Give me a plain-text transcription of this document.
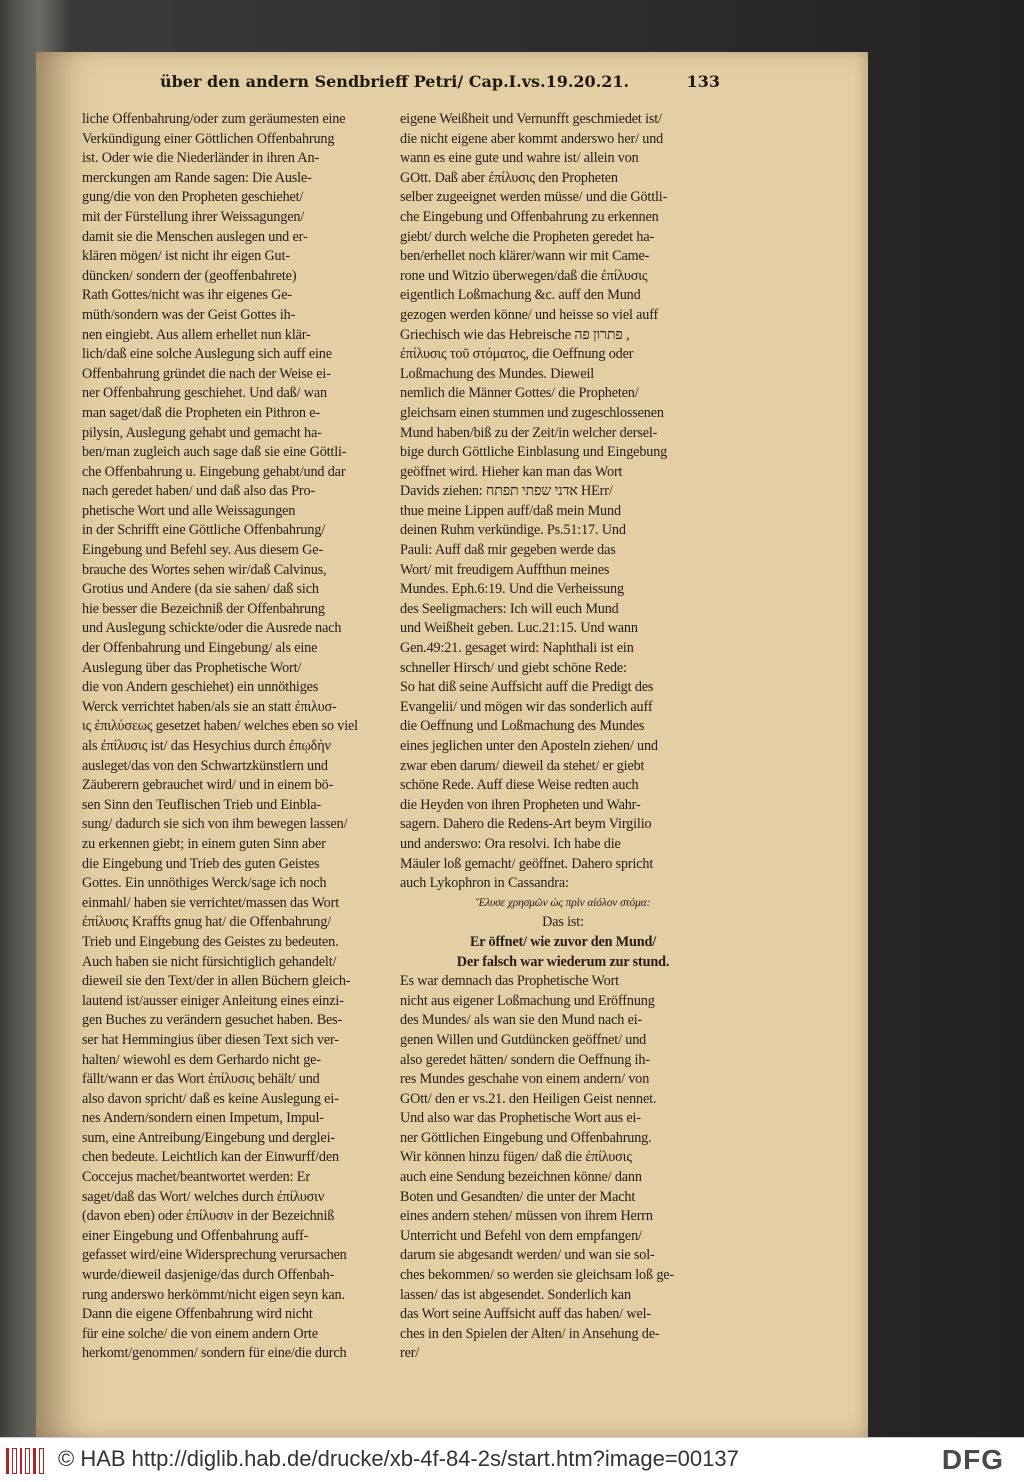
über den andern Sendbrieff Petri/ Cap.I.vs.19.20.21.	133
liche Offenbahrung/oder zum geräumesten eine
Verkündigung einer Göttlichen Offenbahrung
ist. Oder wie die Niederländer in ihren An-
merckungen am Rande sagen: Die Ausle-
gung/die von den Propheten geschiehet/
mit der Fürstellung ihrer Weissagungen/
damit sie die Menschen auslegen und er-
klären mögen/ ist nicht ihr eigen Gut-
düncken/ sondern der (geoffenbahrete)
Rath Gottes/nicht was ihr eigenes Ge-
müth/sondern was der Geist Gottes ih-
nen eingiebt. Aus allem erhellet nun klär-
lich/daß eine solche Auslegung sich auff eine
Offenbahrung gründet die nach der Weise ei-
ner Offenbahrung geschiehet. Und daß/ wan
man saget/daß die Propheten ein Pithron e-
pilysin, Auslegung gehabt und gemacht ha-
ben/man zugleich auch sage daß sie eine Göttli-
che Offenbahrung u. Eingebung gehabt/und dar
nach geredet haben/ und daß also das Pro-
phetische Wort und alle Weissagungen
in der Schrifft eine Göttliche Offenbahrung/
Eingebung und Befehl sey. Aus diesem Ge-
brauche des Wortes sehen wir/daß Calvinus,
Grotius und Andere (da sie sahen/ daß sich
hie besser die Bezeichniß der Offenbahrung
und Auslegung schickte/oder die Ausrede nach
der Offenbahrung und Eingebung/ als eine
Auslegung über das Prophetische Wort/
die von Andern geschiehet) ein unnöthiges
Werck verrichtet haben/als sie an statt ἐπιλυσ-
ις ἐπιλύσεως gesetzet haben/ welches eben so viel
als ἐπίλυσις ist/ das Hesychius durch ἐπῳδὴν
ausleget/das von den Schwartzkünstlern und
Zäuberern gebrauchet wird/ und in einem bö-
sen Sinn den Teuflischen Trieb und Einbla-
sung/ dadurch sie sich von ihm bewegen lassen/
zu erkennen giebt; in einem guten Sinn aber
die Eingebung und Trieb des guten Geistes
Gottes. Ein unnöthiges Werck/sage ich noch
einmahl/ haben sie verrichtet/massen das Wort
ἐπίλυσις Kraffts gnug hat/ die Offenbahrung/
Trieb und Eingebung des Geistes zu bedeuten.
Auch haben sie nicht fürsichtiglich gehandelt/
dieweil sie den Text/der in allen Büchern gleich-
lautend ist/ausser einiger Anleitung eines einzi-
gen Buches zu verändern gesuchet haben. Bes-
ser hat Hemmingius über diesen Text sich ver-
halten/ wiewohl es dem Gerhardo nicht ge-
fällt/wann er das Wort ἐπίλυσις behält/ und
also davon spricht/ daß es keine Auslegung ei-
nes Andern/sondern einen Impetum, Impul-
sum, eine Antreibung/Eingebung und derglei-
chen bedeute. Leichtlich kan der Einwurff/den
Coccejus machet/beantwortet werden: Er
saget/daß das Wort/ welches durch ἐπίλυσιν
(davon eben) oder ἐπίλυσιν in der Bezeichniß
einer Eingebung und Offenbahrung auff-
gefasset wird/eine Widersprechung verursachen
wurde/dieweil dasjenige/das durch Offenbah-
rung anderswo herkömmt/nicht eigen seyn kan.
Dann die eigene Offenbahrung wird nicht
für eine solche/ die von einem andern Orte
herkomt/genommen/ sondern für eine/die durch
eigene Weißheit und Vernunfft geschmiedet ist/
die nicht eigene aber kommt anderswo her/ und
wann es eine gute und wahre ist/ allein von
GOtt. Daß aber ἐπίλυσις den Propheten
selber zugeeignet werden müsse/ und die Göttli-
che Eingebung und Offenbahrung zu erkennen
giebt/ durch welche die Propheten geredet ha-
ben/erhellet noch klärer/wann wir mit Came-
rone und Witzio überwegen/daß die ἐπίλυσις
eigentlich Loßmachung &c. auff den Mund
gezogen werden könne/ und heisse so viel auff
Griechisch wie das Hebreische פתרון פה ,
ἐπίλυσις τοῦ στόματος, die Oeffnung oder
Loßmachung des Mundes. Dieweil
nemlich die Männer Gottes/ die Propheten/
gleichsam einen stummen und zugeschlossenen
Mund haben/biß zu der Zeit/in welcher dersel-
bige durch Göttliche Einblasung und Eingebung
geöffnet wird. Hieher kan man das Wort
Davids ziehen: אדני שפתי תפתח HErr/
thue meine Lippen auff/daß mein Mund
deinen Ruhm verkündige. Ps.51:17. Und
Pauli: Auff daß mir gegeben werde das
Wort/ mit freudigem Auffthun meines
Mundes. Eph.6:19. Und die Verheissung
des Seeligmachers: Ich will euch Mund
und Weißheit geben. Luc.21:15. Und wann
Gen.49:21. gesaget wird: Naphthali ist ein
schneller Hirsch/ und giebt schöne Rede:
So hat diß seine Auffsicht auff die Predigt des
Evangelii/ und mögen wir das sonderlich auff
die Oeffnung und Loßmachung des Mundes
eines jeglichen unter den Aposteln ziehen/ und
zwar eben darum/ dieweil da stehet/ er giebt
schöne Rede. Auff diese Weise redten auch
die Heyden von ihren Propheten und Wahr-
sagern. Dahero die Redens-Art beym Virgilio
und anderswo: Ora resolvi. Ich habe die
Mäuler loß gemacht/ geöffnet. Dahero spricht
auch Lykophron in Cassandra:
Ἔλυσε χρησμῶν ὡς πρὶν αἰόλον στόμα:
Das ist:
Er öffnet/ wie zuvor den Mund/
Der falsch war wiederum zur stund.
Es war demnach das Prophetische Wort
nicht aus eigener Loßmachung und Eröffnung
des Mundes/ als wan sie den Mund nach ei-
genen Willen und Gutdüncken geöffnet/ und
also geredet hätten/ sondern die Oeffnung ih-
res Mundes geschahe von einem andern/ von
GOtt/ den er vs.21. den Heiligen Geist nennet.
Und also war das Prophetische Wort aus ei-
ner Göttlichen Eingebung und Offenbahrung.
Wir können hinzu fügen/ daß die ἐπίλυσις
auch eine Sendung bezeichnen könne/ dann
Boten und Gesandten/ die unter der Macht
eines andern stehen/ müssen von ihrem Herrn
Unterricht und Befehl von dem empfangen/
darum sie abgesandt werden/ und wan sie sol-
ches bekommen/ so werden sie gleichsam loß ge-
lassen/ das ist abgesendet. Sonderlich kan
das Wort seine Auffsicht auff das haben/ wel-
ches in den Spielen der Alten/ in Ansehung de-
rer/
© HAB http://diglib.hab.de/drucke/xb-4f-84-2s/start.htm?image=00137	DFG
